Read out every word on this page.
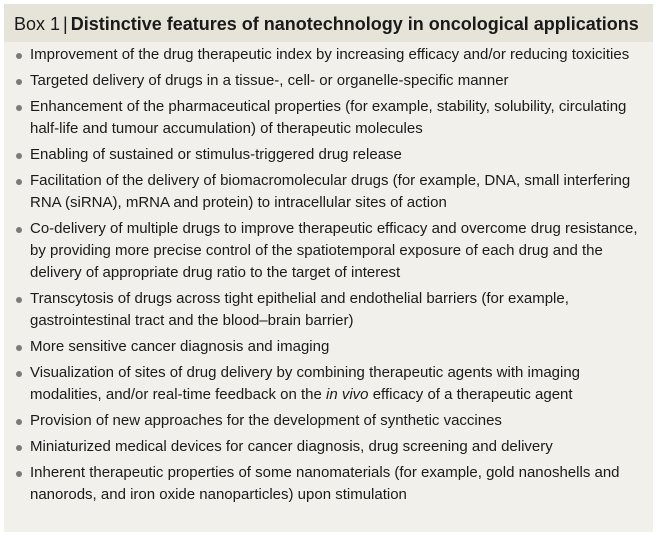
Box 1 | Distinctive features of nanotechnology in oncological applications
Improvement of the drug therapeutic index by increasing efficacy and/or reducing toxicities
Targeted delivery of drugs in a tissue-, cell- or organelle-specific manner
Enhancement of the pharmaceutical properties (for example, stability, solubility, circulating half-life and tumour accumulation) of therapeutic molecules
Enabling of sustained or stimulus-triggered drug release
Facilitation of the delivery of biomacromolecular drugs (for example, DNA, small interfering RNA (siRNA), mRNA and protein) to intracellular sites of action
Co-delivery of multiple drugs to improve therapeutic efficacy and overcome drug resistance, by providing more precise control of the spatiotemporal exposure of each drug and the delivery of appropriate drug ratio to the target of interest
Transcytosis of drugs across tight epithelial and endothelial barriers (for example, gastrointestinal tract and the blood–brain barrier)
More sensitive cancer diagnosis and imaging
Visualization of sites of drug delivery by combining therapeutic agents with imaging modalities, and/or real-time feedback on the in vivo efficacy of a therapeutic agent
Provision of new approaches for the development of synthetic vaccines
Miniaturized medical devices for cancer diagnosis, drug screening and delivery
Inherent therapeutic properties of some nanomaterials (for example, gold nanoshells and nanorods, and iron oxide nanoparticles) upon stimulation
